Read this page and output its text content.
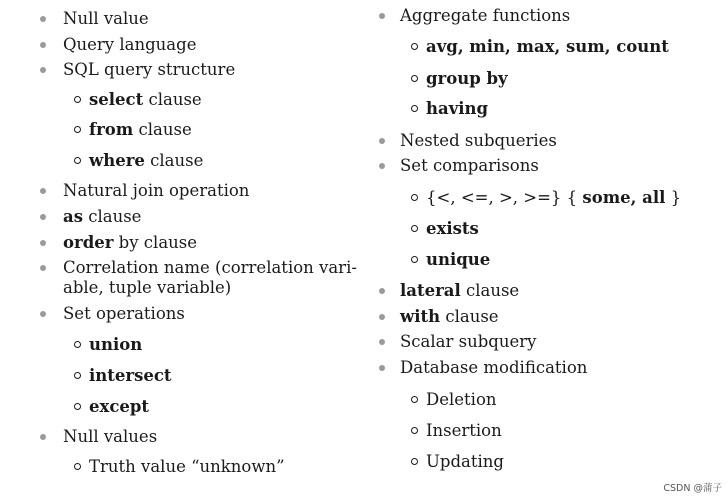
Null value
Query language
SQL query structure
select clause
from clause
where clause
Natural join operation
as clause
order by clause
Correlation name (correlation vari-
able, tuple variable)
Set operations
union
intersect
except
Null values
Truth value “unknown”
Aggregate functions
avg, min, max, sum, count
group by
having
Nested subqueries
Set comparisons
{<, <=, >, >=} { some, all }
exists
unique
lateral clause
with clause
Scalar subquery
Database modification
Deletion
Insertion
Updating
CSDN @蒲子
